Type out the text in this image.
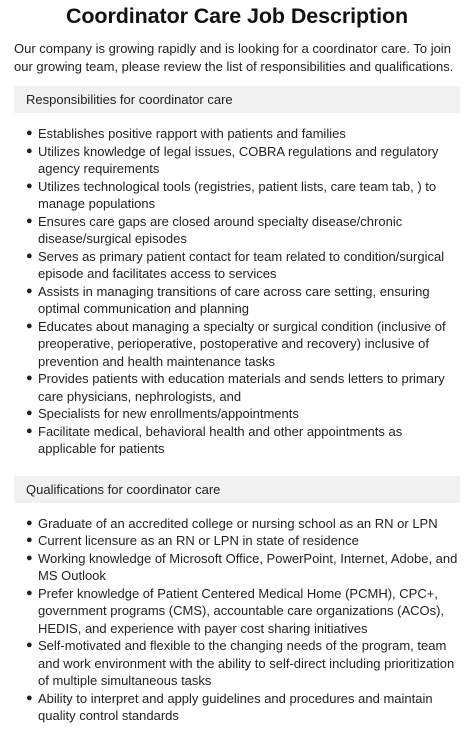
Coordinator Care Job Description

Our company is growing rapidly and is looking for a coordinator care. To join our growing team, please review the list of responsibilities and qualifications.

Responsibilities for coordinator care
● Establishes positive rapport with patients and families
● Utilizes knowledge of legal issues, COBRA regulations and regulatory agency requirements
● Utilizes technological tools (registries, patient lists, care team tab, ) to manage populations
● Ensures care gaps are closed around specialty disease/chronic disease/surgical episodes
● Serves as primary patient contact for team related to condition/surgical episode and facilitates access to services
● Assists in managing transitions of care across care setting, ensuring optimal communication and planning
● Educates about managing a specialty or surgical condition (inclusive of preoperative, perioperative, postoperative and recovery) inclusive of prevention and health maintenance tasks
● Provides patients with education materials and sends letters to primary care physicians, nephrologists, and
● Specialists for new enrollments/appointments
● Facilitate medical, behavioral health and other appointments as applicable for patients
Qualifications for coordinator care
● Graduate of an accredited college or nursing school as an RN or LPN
● Current licensure as an RN or LPN in state of residence
● Working knowledge of Microsoft Office, PowerPoint, Internet, Adobe, and MS Outlook
● Prefer knowledge of Patient Centered Medical Home (PCMH), CPC+, government programs (CMS), accountable care organizations (ACOs), HEDIS, and experience with payer cost sharing initiatives
● Self-motivated and flexible to the changing needs of the program, team and work environment with the ability to self-direct including prioritization of multiple simultaneous tasks
● Ability to interpret and apply guidelines and procedures and maintain quality control standards
